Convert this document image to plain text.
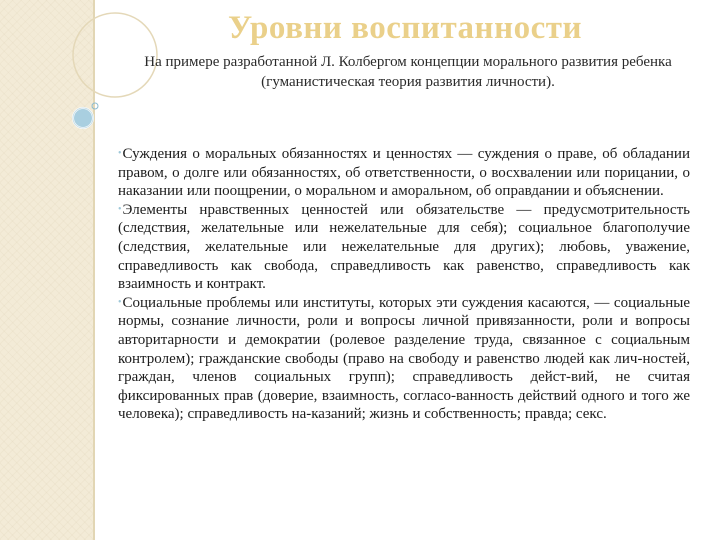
Уровни воспитанности

На примере разработанной Л. Колбергом концепции морального развития ребенка (гуманистическая теория развития личности).

•Суждения о моральных обязанностях и ценностях — суждения о праве, об обладании правом, о долге или обязанностях, об ответственности, о восхвалении или порицании, о наказании или поощрении, о моральном и аморальном, об оправдании и объяснении.

•Элементы нравственных ценностей или обязательстве — предусмотрительность (следствия, желательные или нежелательные для себя); социальное благополучие (следствия, желательные или нежелательные для других); любовь, уважение, справедливость как свобода, справедливость как равенство, справедливость как взаимность и контракт.

•Социальные проблемы или институты, которых эти суждения касаются, — социальные нормы, сознание личности, роли и вопросы личной привязанности, роли и вопросы авторитарности и демократии (ролевое разделение труда, связанное с социальным контролем); гражданские свободы (право на свободу и равенство людей как лич-ностей, граждан, членов социальных групп); справедливость дейст-вий, не считая фиксированных прав (доверие, взаимность, согласо-ванность действий одного и того же человека); справедливость на-казаний; жизнь и собственность; правда; секс.
